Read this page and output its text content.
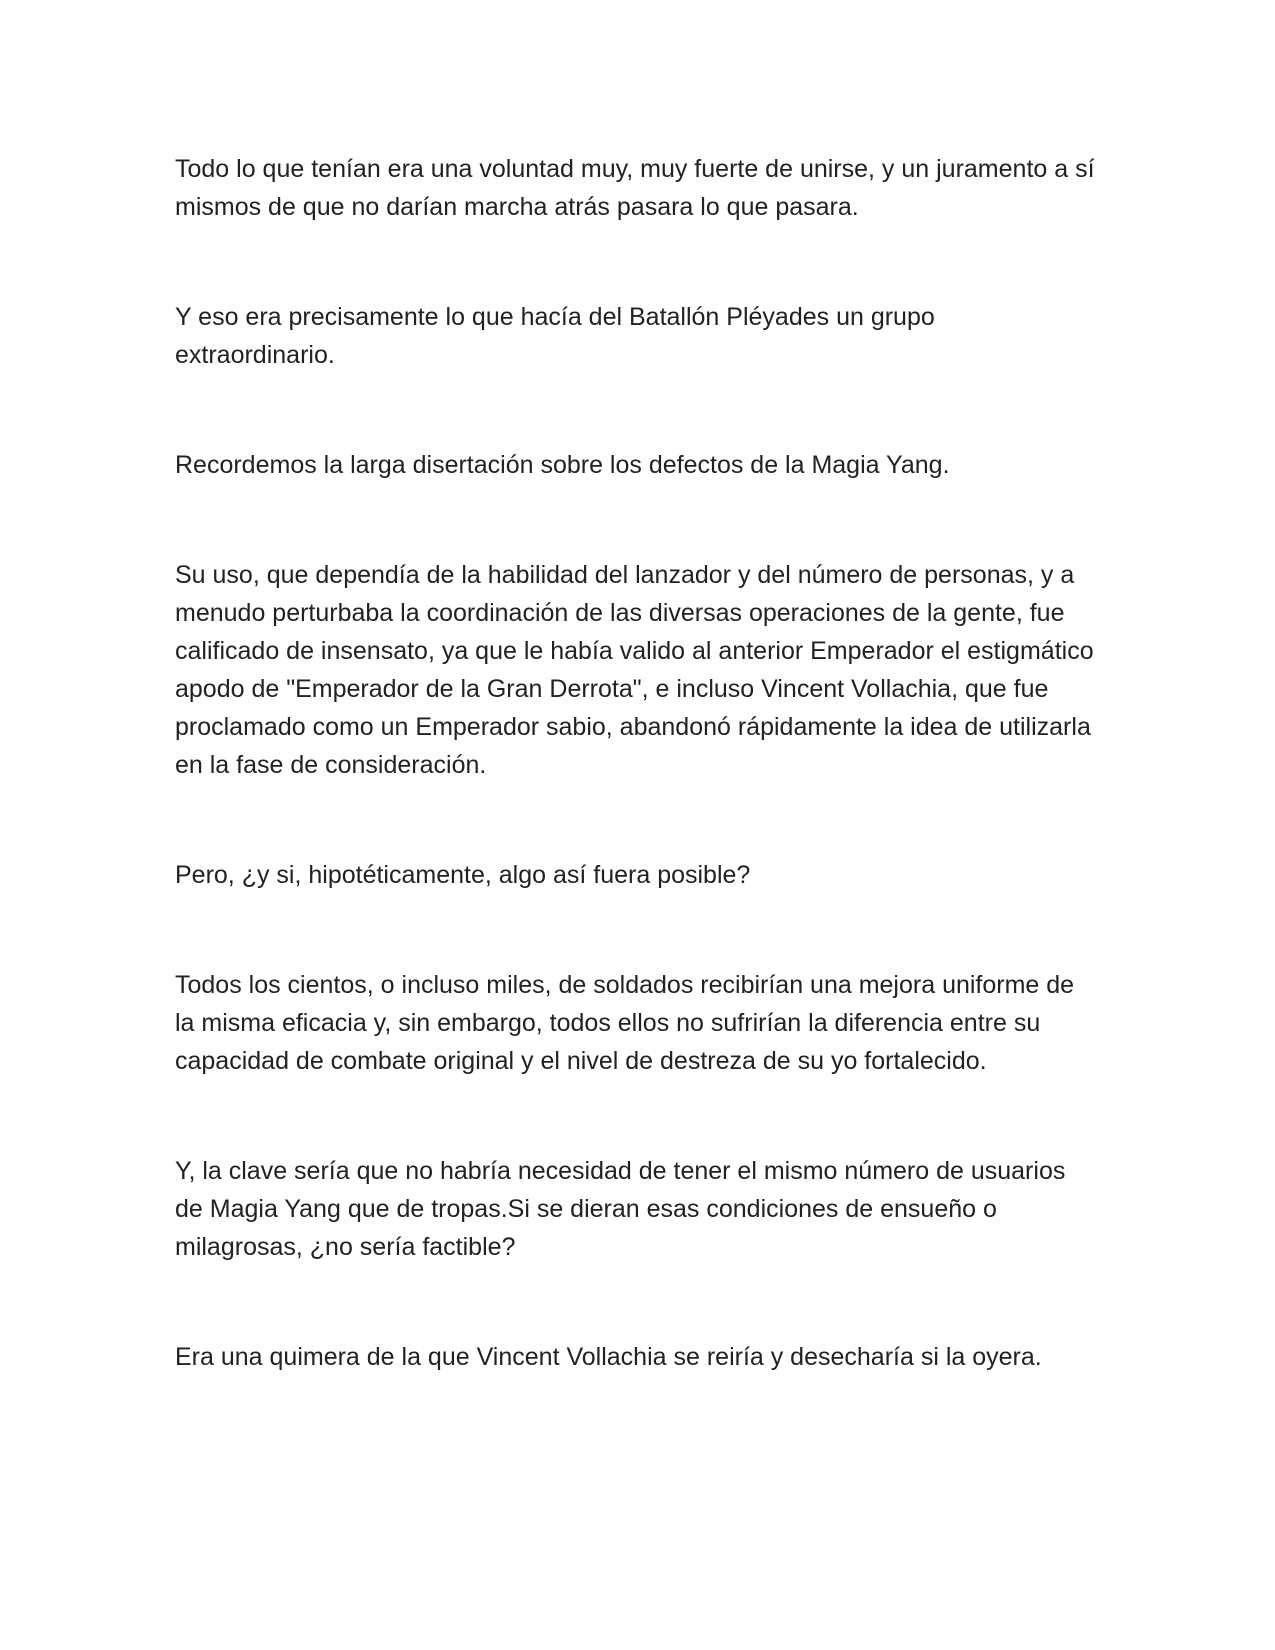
Todo lo que tenían era una voluntad muy, muy fuerte de unirse, y un juramento a sí mismos de que no darían marcha atrás pasara lo que pasara.

Y eso era precisamente lo que hacía del Batallón Pléyades un grupo extraordinario.

Recordemos la larga disertación sobre los defectos de la Magia Yang.

Su uso, que dependía de la habilidad del lanzador y del número de personas, y a menudo perturbaba la coordinación de las diversas operaciones de la gente, fue calificado de insensato, ya que le había valido al anterior Emperador el estigmático apodo de "Emperador de la Gran Derrota", e incluso Vincent Vollachia, que fue proclamado como un Emperador sabio, abandonó rápidamente la idea de utilizarla en la fase de consideración.

Pero, ¿y si, hipotéticamente, algo así fuera posible?

Todos los cientos, o incluso miles, de soldados recibirían una mejora uniforme de la misma eficacia y, sin embargo, todos ellos no sufrirían la diferencia entre su capacidad de combate original y el nivel de destreza de su yo fortalecido.

Y, la clave sería que no habría necesidad de tener el mismo número de usuarios de Magia Yang que de tropas.Si se dieran esas condiciones de ensueño o milagrosas, ¿no sería factible?

Era una quimera de la que Vincent Vollachia se reiría y desecharía si la oyera.
